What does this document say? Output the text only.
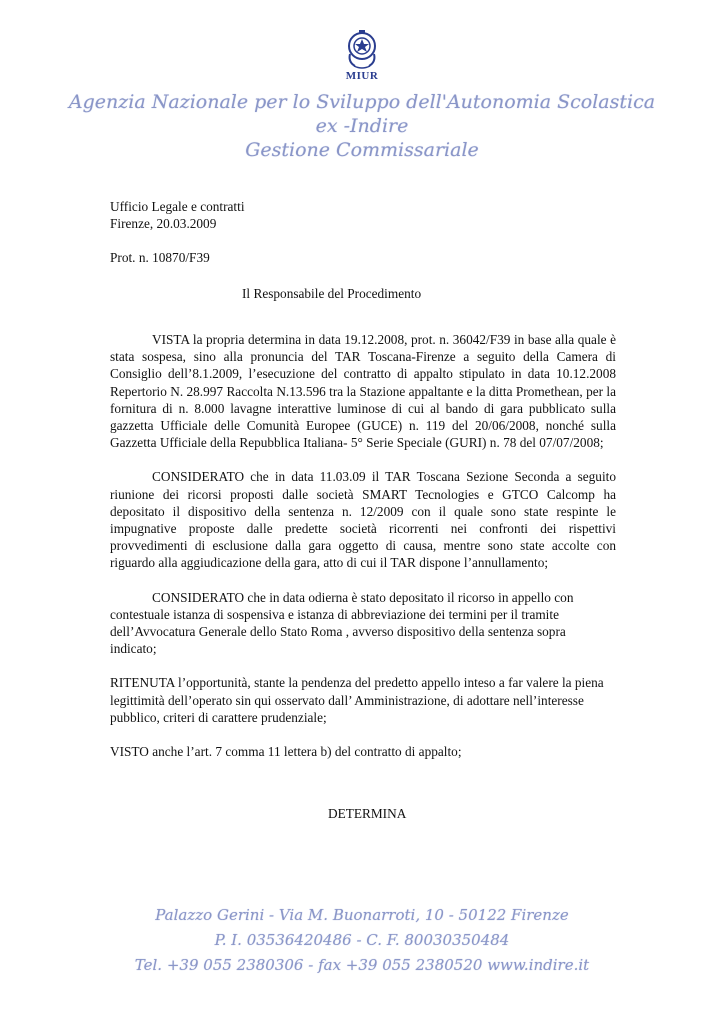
MIUR
Agenzia Nazionale per lo Sviluppo dell'Autonomia Scolastica
ex -Indire
Gestione Commissariale
Ufficio Legale e contratti
Firenze, 20.03.2009
Prot. n. 10870/F39
Il Responsabile del Procedimento

VISTA la propria determina in data 19.12.2008, prot. n. 36042/F39 in base alla quale è stata sospesa, sino alla pronuncia del TAR Toscana-Firenze a seguito della Camera di Consiglio dell’8.1.2009, l’esecuzione del contratto di appalto stipulato in data 10.12.2008 Repertorio N. 28.997 Raccolta N.13.596 tra la Stazione appaltante e la ditta Promethean, per la fornitura di n. 8.000 lavagne interattive luminose di cui al bando di gara pubblicato sulla gazzetta Ufficiale delle Comunità Europee (GUCE) n. 119 del 20/06/2008, nonché sulla Gazzetta Ufficiale della Repubblica Italiana- 5° Serie Speciale (GURI) n. 78 del 07/07/2008;

CONSIDERATO che in data 11.03.09 il TAR Toscana Sezione Seconda a seguito riunione dei ricorsi proposti dalle società SMART Tecnologies e GTCO Calcomp ha depositato il dispositivo della sentenza n. 12/2009 con il quale sono state respinte le impugnative proposte dalle predette società ricorrenti nei confronti dei rispettivi provvedimenti di esclusione dalla gara oggetto di causa, mentre sono state accolte con riguardo alla aggiudicazione della gara, atto di cui il TAR dispone l’annullamento;

CONSIDERATO che in data odierna è stato depositato il ricorso in appello con contestuale istanza di sospensiva e istanza di abbreviazione dei termini per il tramite dell’Avvocatura Generale dello Stato Roma , avverso dispositivo della sentenza sopra indicato;

RITENUTA l’opportunità, stante la pendenza del predetto appello inteso a far valere la piena legittimità dell’operato sin qui osservato dall’ Amministrazione, di adottare nell’interesse pubblico, criteri di carattere prudenziale;

VISTO anche l’art. 7 comma 11 lettera b) del contratto di appalto;

DETERMINA
Palazzo Gerini - Via M. Buonarroti, 10 - 50122 Firenze
P. I. 03536420486 - C. F. 80030350484
Tel. +39 055 2380306 - fax +39 055 2380520 www.indire.it
